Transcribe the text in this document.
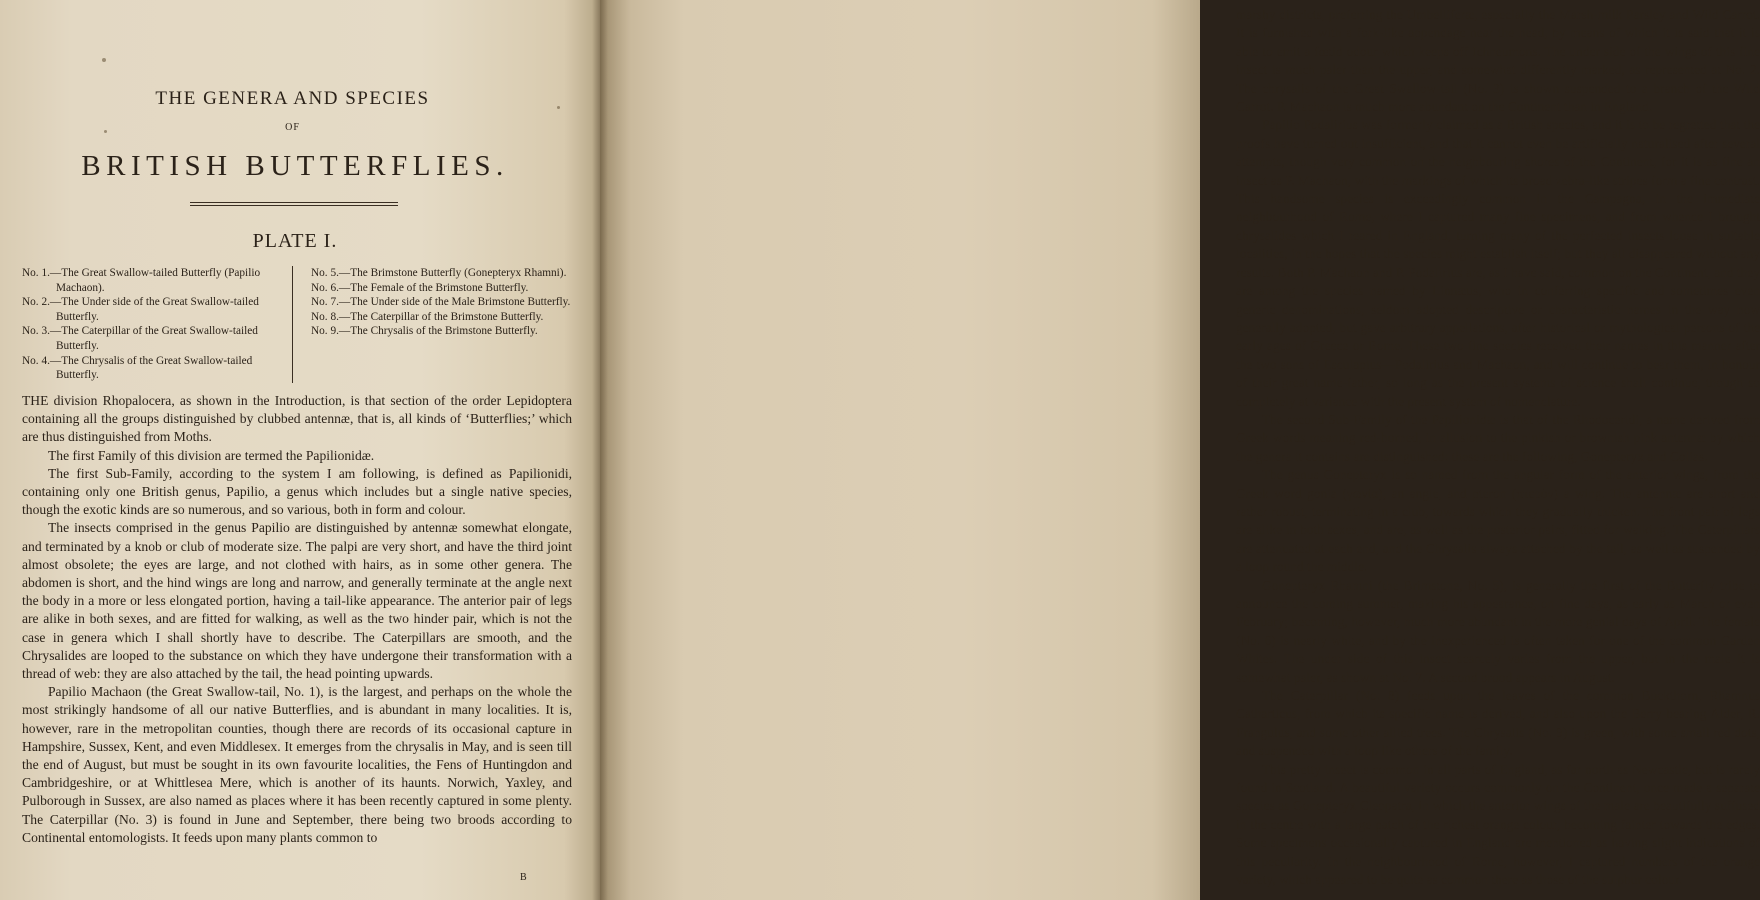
THE GENERA AND SPECIES
OF
BRITISH BUTTERFLIES.
PLATE I.
No. 1.—The Great Swallow-tailed Butterfly (Papilio Machaon).
No. 2.—The Under side of the Great Swallow-tailed Butterfly.
No. 3.—The Caterpillar of the Great Swallow-tailed Butterfly.
No. 4.—The Chrysalis of the Great Swallow-tailed Butterfly.
No. 5.—The Brimstone Butterfly (Gonepteryx Rhamni).
No. 6.—The Female of the Brimstone Butterfly.
No. 7.—The Under side of the Male Brimstone Butterfly.
No. 8.—The Caterpillar of the Brimstone Butterfly.
No. 9.—The Chrysalis of the Brimstone Butterfly.

THE division Rhopalocera, as shown in the Introduction, is that section of the order Lepidoptera containing all the groups distinguished by clubbed antennæ, that is, all kinds of ‘Butterflies;’ which are thus distinguished from Moths.

The first Family of this division are termed the Papilionidæ.

The first Sub-Family, according to the system I am following, is defined as Papilionidi, containing only one British genus, Papilio, a genus which includes but a single native species, though the exotic kinds are so numerous, and so various, both in form and colour.

The insects comprised in the genus Papilio are distinguished by antennæ somewhat elongate, and terminated by a knob or club of moderate size. The palpi are very short, and have the third joint almost obsolete; the eyes are large, and not clothed with hairs, as in some other genera. The abdomen is short, and the hind wings are long and narrow, and generally terminate at the angle next the body in a more or less elongated portion, having a tail-like appearance. The anterior pair of legs are alike in both sexes, and are fitted for walking, as well as the two hinder pair, which is not the case in genera which I shall shortly have to describe. The Caterpillars are smooth, and the Chrysalides are looped to the substance on which they have undergone their transformation with a thread of web: they are also attached by the tail, the head pointing upwards.

Papilio Machaon (the Great Swallow-tail, No. 1), is the largest, and perhaps on the whole the most strikingly handsome of all our native Butterflies, and is abundant in many localities. It is, however, rare in the metropolitan counties, though there are records of its occasional capture in Hampshire, Sussex, Kent, and even Middlesex. It emerges from the chrysalis in May, and is seen till the end of August, but must be sought in its own favourite localities, the Fens of Huntingdon and Cambridgeshire, or at Whittlesea Mere, which is another of its haunts. Norwich, Yaxley, and Pulborough in Sussex, are also named as places where it has been recently captured in some plenty. The Caterpillar (No. 3) is found in June and September, there being two broods according to Continental entomologists. It feeds upon many plants common to

B

marshy districts, preferring the Umbelliferæ, especially the Marsh-milk Parsley and Wild Carrot. It is furnished with a fork-like appendage near the head, by means of which it is said that it is able to emit a fœtid odour which keeps off Ichneumons. The under side of the wings of this fine insect is much paler than the upper, and somewhat differently marked, as represented at No. 2. The chrysalis of the Great Swallow-tail (No. 3) is shown suspended to a branch of the Wild Carrot. P. Machaon is much more abundant on the Continent than in England.

Papilio Podalirius was formerly claimed as a British species, and it is to be regretted that the proofs have turned out insufficient, and that it cannot even be artificially naturalised after several attempts, though very common on the neighbouring shores of the Continent, for it is as fine an insect as P. Machaon, with the markings of which its broad zebra-like stripes form a fine contrast. This handsome species is exceedingly common in the Campagna, in the immediate neighbourhood of Rome, where I captured many fine specimens, and from whence I brought chrysalides which I reared in England, turning many of the perfected insects loose in suitable localities, in the hopes that the species might establish itself; but they all disappeared without any results. Both P. Machaon and P. Podalirius are, as I have said, common on the Continent, and they are among the species named by Linnæus, who in conferring specific and sometimes even generic denominations, seldom adopted descriptive or characteristic names in the way now generally adopted, but gave arbitrary appellations, after historical or mythological persons of the early ages of Greece or Rome. These two fine species received their names in this manner after the two sons of Esculapius—Podalirius and Machaon, and will continue to bear them, in honour of their great name-father, so long as the present systems of science shall continue, though so completely at variance with the present system of nomenclature.

The second Sub-Family of the Papilionidæ is that of the Rhodoceridi, a name derived from Greek words meaning red-horned, in allusion to the pinkish or brownish pink antennæ by which the genera it contains are distinguished: these are the following, Gonepteryx and Colias.

The genus Gonepteryx is so named from the angular form of the anterior wings, from the Greek word gonia (γωνία), an angle, and pteron (πτερὸν) a wing. The antennæ are short and rather robust, terminating in a club, towards which they gradually thicken. The front pair of legs are alike in both sexes, and are, as well as the posterior pairs, fitted for walking. The Caterpillars are attenuated at each end, and the Chrysalis always attached by the tail, as well as suspended by a loop round the middle.

Gonepteryx Rhamni (the Brimstone, No. 5), is generally the first of the Butterfly tribe to announce the coming summer, making his appearance, on fine days, as early as March or even February; becoming, however, much more abundant in the more genial days of April. The female (No. 6) is nearly white, and by the inexperienced is often taken for one of the common Garden Whites. The under side of this insect scarcely varies from the upper, but in the male it is somewhat paler, as shown at No. 7. A second brood appears in August.

The Caterpillar (No. 8) feeds upon the leaves of the common Buckthorn, Rhamnus Catharticus, from which its specific name is derived, and also upon the Berry-bearing Alder, R. Frangulus, and some other allied trees. The Chrysalis (No. 9) is green, with some small red dots, and suspended with a loop like others of the family.

This pretty insect is common in all parts of England, as far north as Newcastle, but is rarely found in Scotland. A beautiful variety occurs commonly on the Continent, once made a separate species as Gonepteryx Cleopatra, in which the anterior wings of the male are beautifully suffused in the centre with a large patch of the richest orange colour, becoming fainter towards the edges. Some specimens occasionally captured in England are mentioned as having slight indications of this peculiarity. In the neighbourhood of Rome, however, I captured numbers of the orange variety, which appeared to be quite as common there as those of the sulphur colour.
